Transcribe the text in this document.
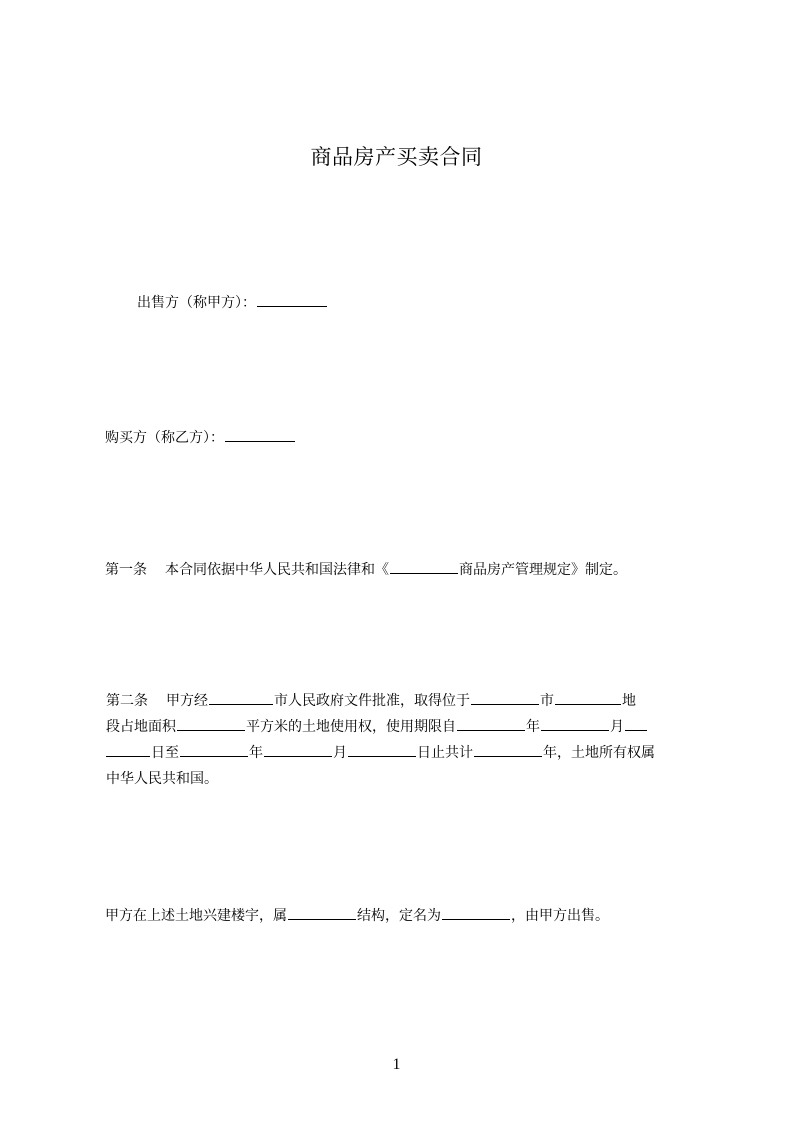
商品房产买卖合同
出售方（称甲方）：
购买方（称乙方）：
第一条 本合同依据中华人民共和国法律和《	商品房产管理规定》制定。
第二条 甲方经	市人民政府文件批准，取得位于	市	地
段占地面积	平方米的土地使用权，使用期限自	年	月
日至	年	月	日止共计	年，土地所有权属
中华人民共和国。
甲方在上述土地兴建楼宇，属	结构，定名为	，由甲方出售。
1
